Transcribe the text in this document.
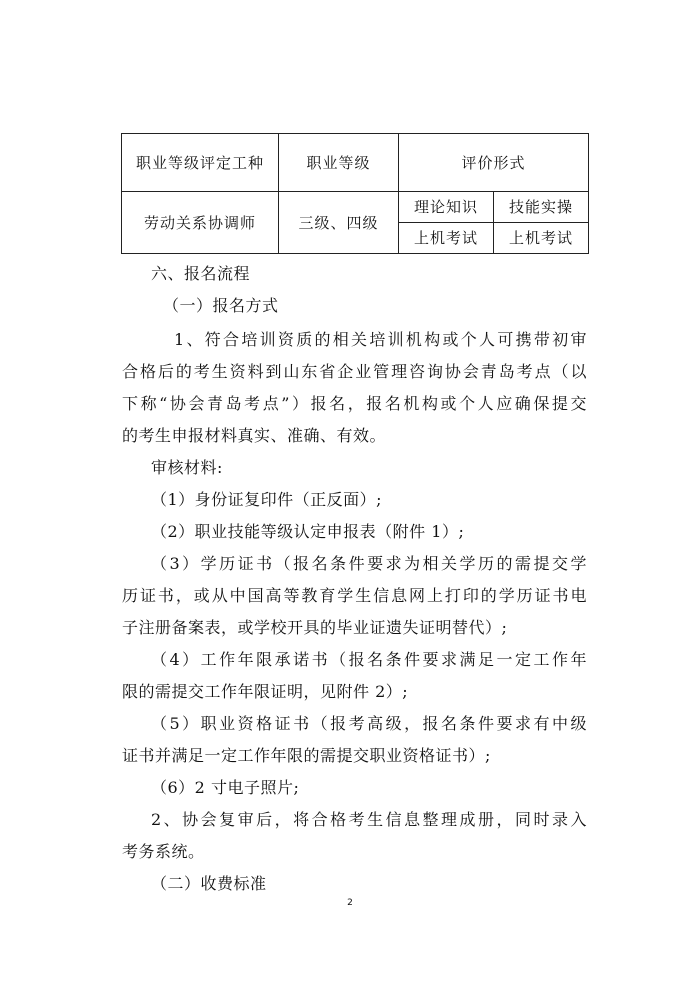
职业等级评定工种	职业等级	评价形式	
劳动关系协调师	三级、四级	理论知识	技能实操
		上机考试	上机考试

六、报名流程

（一）报名方式

1、符合培训资质的相关培训机构或个人可携带初审

合格后的考生资料到山东省企业管理咨询协会青岛考点（以

下称“协会青岛考点”）报名，报名机构或个人应确保提交

的考生申报材料真实、准确、有效。

审核材料:

（1）身份证复印件（正反面）;

（2）职业技能等级认定申报表（附件 1）;

（3）学历证书（报名条件要求为相关学历的需提交学

历证书，或从中国高等教育学生信息网上打印的学历证书电

子注册备案表，或学校开具的毕业证遗失证明替代）;

（4）工作年限承诺书（报名条件要求满足一定工作年

限的需提交工作年限证明，见附件 2）;

（5）职业资格证书（报考高级，报名条件要求有中级

证书并满足一定工作年限的需提交职业资格证书）;

（6）2 寸电子照片;

2、协会复审后，将合格考生信息整理成册，同时录入

考务系统。

（二）收费标准

2
